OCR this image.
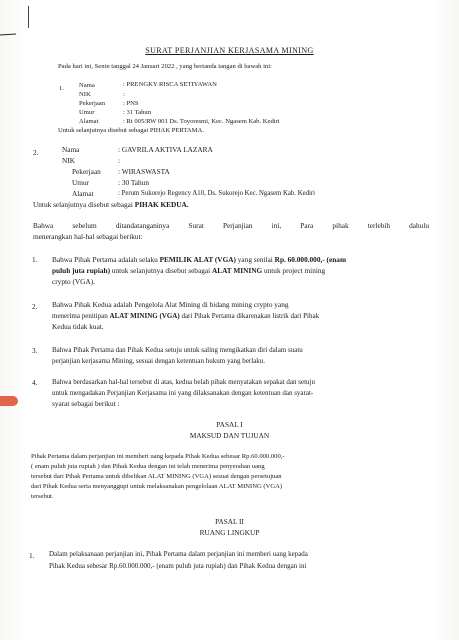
SURAT PERJANJIAN KERJASAMA MINING
Pada hari ini, Senin tanggal 24 Januari 2022 , yang bertanda tangan di bawah ini:
1. Nama	: PRENGKY RISCA SETIYAWAN
NIK	:
Pekerjaan	: PNS
Umur	: 31 Tahun
Alamat	: Rt 005/RW 001 Ds. Toyoresmi, Kec. Ngasem Kab. Kediri
Untuk selanjutnya disebut sebagai PIHAK PERTAMA.
2.	Nama	: GAVRILA AKTIVA LAZARA
NIK	:
Pekerjaan : WIRASWASTA
Umur	: 30 Tahun
Alamat	: Perum Sukorejo Regency A10, Ds. Sukorejo Kec. Ngasem Kab. Kediri
Untuk selanjutnya disebut sebagai PIHAK KEDUA.
Bahwa sebelum ditandatanganinya Surat Perjanjian ini, Para pihak terlebih dahulu
menerangkan hal-hal sebagai berikut:
1. Bahwa Pihak Pertama adalah selaku PEMILIK ALAT (VGA) yang senilai Rp. 60.000.000,- (enam
puluh juta rupiah) untuk selanjutnya disebut sebagai ALAT MINING untuk project mining
crypto (VGA).
2. Bahwa Pihak Kedua adalah Pengelola Alat Mining di bidang mining crypto yang
menerima penitipan ALAT MINING (VGA) dari Pihak Pertama dikarenakan listrik dari Pihak
Kedua tidak kuat.
3. Bahwa Pihak Pertama dan Pihak Kedua setuju untuk saling mengikatkan diri dalam suatu
perjanjian kerjasama Mining, sesuai dengan ketentuan hukum yang berlaku.
4. Bahwa berdasarkan hal-hal tersebut di atas, kedua belah pihak menyatakan sepakat dan setuju
untuk mengadakan Perjanjian Kerjasama ini yang dilaksanakan dengan ketentuan dan syarat-
syarat sebagai berikut :
PASAL I
MAKSUD DAN TUJUAN
Pihak Pertama dalam perjanjian ini memberi uang kepada Pihak Kedua sebesar Rp.60.000.000,-
( enam puluh juta rupiah ) dan Pihak Kedua dengan ini telah menerima penyerahan uang
tersebut dari Pihak Pertama untuk dibelikan ALAT MINING (VGA) sesuai dengan persetujuan
dari Pihak Kedua serta menyanggupi untuk melaksanakan pengelolaan ALAT MINING (VGA)
tersebut.
PASAL II
RUANG LINGKUP
1. Dalam pelaksanaan perjanjian ini, Pihak Pertama dalam perjanjian ini memberi uang kepada
Pihak Kedua sebesar Rp.60.000.000,- (enam puluh juta rupiah) dan Pihak Kedua dengan ini
